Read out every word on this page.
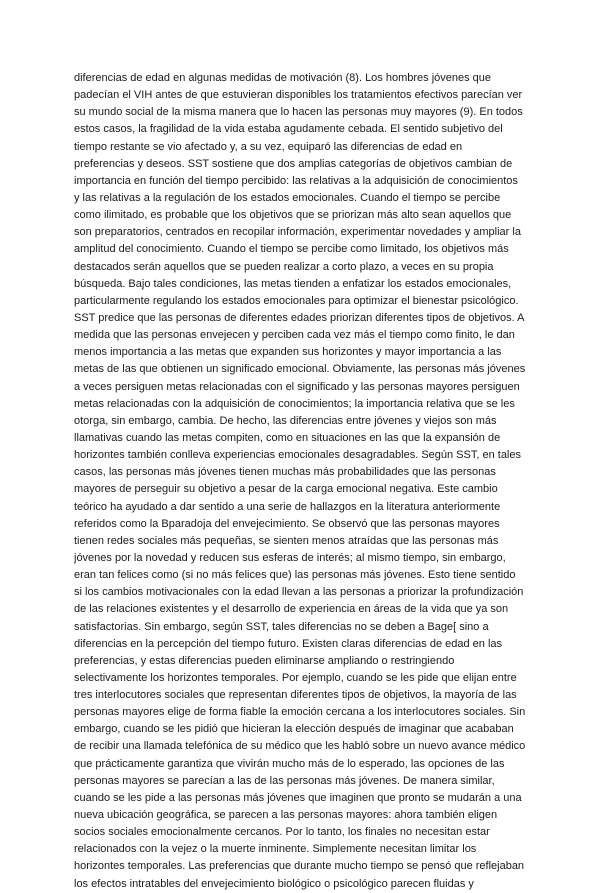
diferencias de edad en algunas medidas de motivación (8). Los hombres jóvenes que
padecían el VIH antes de que estuvieran disponibles los tratamientos efectivos parecían ver
su mundo social de la misma manera que lo hacen las personas muy mayores (9). En todos
estos casos, la fragilidad de la vida estaba agudamente cebada. El sentido subjetivo del
tiempo restante se vio afectado y, a su vez, equiparó las diferencias de edad en
preferencias y deseos. SST sostiene que dos amplias categorías de objetivos cambian de
importancia en función del tiempo percibido: las relativas a la adquisición de conocimientos
y las relativas a la regulación de los estados emocionales. Cuando el tiempo se percibe
como ilimitado, es probable que los objetivos que se priorizan más alto sean aquellos que
son preparatorios, centrados en recopilar información, experimentar novedades y ampliar la
amplitud del conocimiento. Cuando el tiempo se percibe como limitado, los objetivos más
destacados serán aquellos que se pueden realizar a corto plazo, a veces en su propia
búsqueda. Bajo tales condiciones, las metas tienden a enfatizar los estados emocionales,
particularmente regulando los estados emocionales para optimizar el bienestar psicológico.
SST predice que las personas de diferentes edades priorizan diferentes tipos de objetivos. A
medida que las personas envejecen y perciben cada vez más el tiempo como finito, le dan
menos importancia a las metas que expanden sus horizontes y mayor importancia a las
metas de las que obtienen un significado emocional. Obviamente, las personas más jóvenes
a veces persiguen metas relacionadas con el significado y las personas mayores persiguen
metas relacionadas con la adquisición de conocimientos; la importancia relativa que se les
otorga, sin embargo, cambia. De hecho, las diferencias entre jóvenes y viejos son más
llamativas cuando las metas compiten, como en situaciones en las que la expansión de
horizontes también conlleva experiencias emocionales desagradables. Según SST, en tales
casos, las personas más jóvenes tienen muchas más probabilidades que las personas
mayores de perseguir su objetivo a pesar de la carga emocional negativa. Este cambio
teórico ha ayudado a dar sentido a una serie de hallazgos en la literatura anteriormente
referidos como la Bparadoja del envejecimiento. Se observó que las personas mayores
tienen redes sociales más pequeñas, se sienten menos atraídas que las personas más
jóvenes por la novedad y reducen sus esferas de interés; al mismo tiempo, sin embargo,
eran tan felices como (si no más felices que) las personas más jóvenes. Esto tiene sentido
si los cambios motivacionales con la edad llevan a las personas a priorizar la profundización
de las relaciones existentes y el desarrollo de experiencia en áreas de la vida que ya son
satisfactorias. Sin embargo, según SST, tales diferencias no se deben a Bage[ sino a
diferencias en la percepción del tiempo futuro. Existen claras diferencias de edad en las
preferencias, y estas diferencias pueden eliminarse ampliando o restringiendo
selectivamente los horizontes temporales. Por ejemplo, cuando se les pide que elijan entre
tres interlocutores sociales que representan diferentes tipos de objetivos, la mayoría de las
personas mayores elige de forma fiable la emoción cercana a los interlocutores sociales. Sin
embargo, cuando se les pidió que hicieran la elección después de imaginar que acababan
de recibir una llamada telefónica de su médico que les habló sobre un nuevo avance médico
que prácticamente garantiza que vivirán mucho más de lo esperado, las opciones de las
personas mayores se parecían a las de las personas más jóvenes. De manera similar,
cuando se les pide a las personas más jóvenes que imaginen que pronto se mudarán a una
nueva ubicación geográfica, se parecen a las personas mayores: ahora también eligen
socios sociales emocionalmente cercanos. Por lo tanto, los finales no necesitan estar
relacionados con la vejez o la muerte inminente. Simplemente necesitan limitar los
horizontes temporales. Las preferencias que durante mucho tiempo se pensó que reflejaban
los efectos intratables del envejecimiento biológico o psicológico parecen fluidas y
